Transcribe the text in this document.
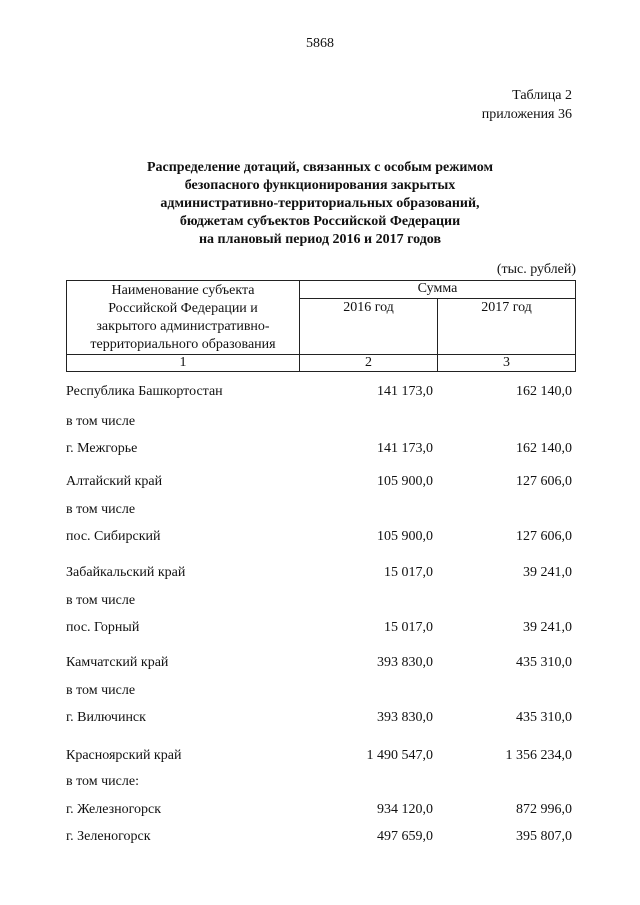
5868
Таблица 2
приложения 36
Распределение дотаций, связанных с особым режимом
безопасного функционирования закрытых
административно-территориальных образований,
бюджетам субъектов Российской Федерации
на плановый период 2016 и 2017 годов
(тыс. рублей)
Наименование субъекта
Российской Федерации и
закрытого административно-
территориального образования	Сумма	
	2016 год	2017 год
1	2	3
Республика Башкортостан	141 173,0	162 140,0
в том числе
г. Межгорье	141 173,0	162 140,0
Алтайский край	105 900,0	127 606,0
в том числе
пос. Сибирский	105 900,0	127 606,0
Забайкальский край	15 017,0	39 241,0
в том числе
пос. Горный	15 017,0	39 241,0
Камчатский край	393 830,0	435 310,0
в том числе
г. Вилючинск	393 830,0	435 310,0
Красноярский край	1 490 547,0	1 356 234,0
в том числе:
г. Железногорск	934 120,0	872 996,0
г. Зеленогорск	497 659,0	395 807,0
